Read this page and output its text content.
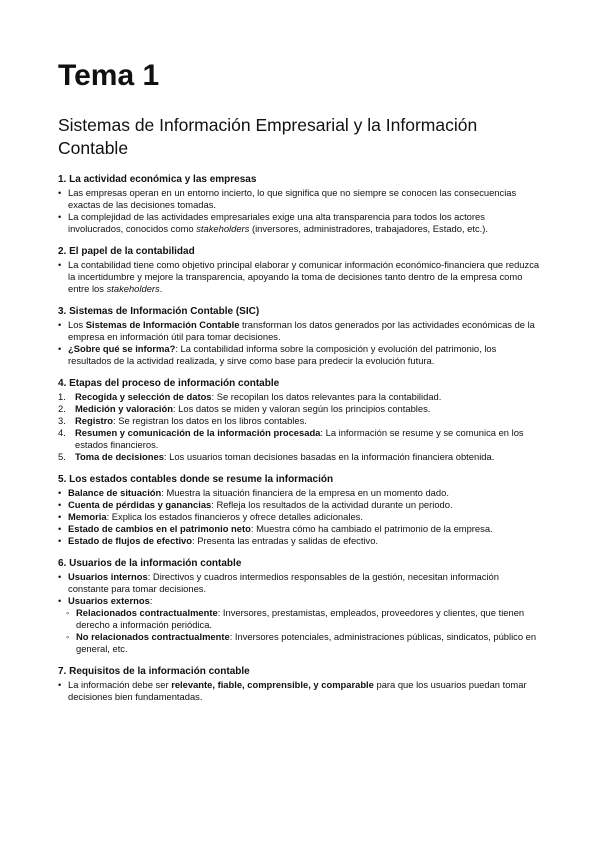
Tema 1
Sistemas de Información Empresarial y la Información Contable
1. La actividad económica y las empresas
• Las empresas operan en un entorno incierto, lo que significa que no siempre se conocen las consecuencias exactas de las decisiones tomadas.
• La complejidad de las actividades empresariales exige una alta transparencia para todos los actores involucrados, conocidos como stakeholders (inversores, administradores, trabajadores, Estado, etc.).
2. El papel de la contabilidad
• La contabilidad tiene como objetivo principal elaborar y comunicar información económico-financiera que reduzca la incertidumbre y mejore la transparencia, apoyando la toma de decisiones tanto dentro de la empresa como entre los stakeholders.
3. Sistemas de Información Contable (SIC)
• Los Sistemas de Información Contable transforman los datos generados por las actividades económicas de la empresa en información útil para tomar decisiones.
• ¿Sobre qué se informa?: La contabilidad informa sobre la composición y evolución del patrimonio, los resultados de la actividad realizada, y sirve como base para predecir la evolución futura.
4. Etapas del proceso de información contable
1. Recogida y selección de datos: Se recopilan los datos relevantes para la contabilidad.
2. Medición y valoración: Los datos se miden y valoran según los principios contables.
3. Registro: Se registran los datos en los libros contables.
4. Resumen y comunicación de la información procesada: La información se resume y se comunica en los estados financieros.
5. Toma de decisiones: Los usuarios toman decisiones basadas en la información financiera obtenida.
5. Los estados contables donde se resume la información
• Balance de situación: Muestra la situación financiera de la empresa en un momento dado.
• Cuenta de pérdidas y ganancias: Refleja los resultados de la actividad durante un periodo.
• Memoria: Explica los estados financieros y ofrece detalles adicionales.
• Estado de cambios en el patrimonio neto: Muestra cómo ha cambiado el patrimonio de la empresa.
• Estado de flujos de efectivo: Presenta las entradas y salidas de efectivo.
6. Usuarios de la información contable
• Usuarios internos: Directivos y cuadros intermedios responsables de la gestión, necesitan información constante para tomar decisiones.
• Usuarios externos:
◦ Relacionados contractualmente: Inversores, prestamistas, empleados, proveedores y clientes, que tienen derecho a información periódica.
◦ No relacionados contractualmente: Inversores potenciales, administraciones públicas, sindicatos, público en general, etc.
7. Requisitos de la información contable
• La información debe ser relevante, fiable, comprensible, y comparable para que los usuarios puedan tomar decisiones bien fundamentadas.
